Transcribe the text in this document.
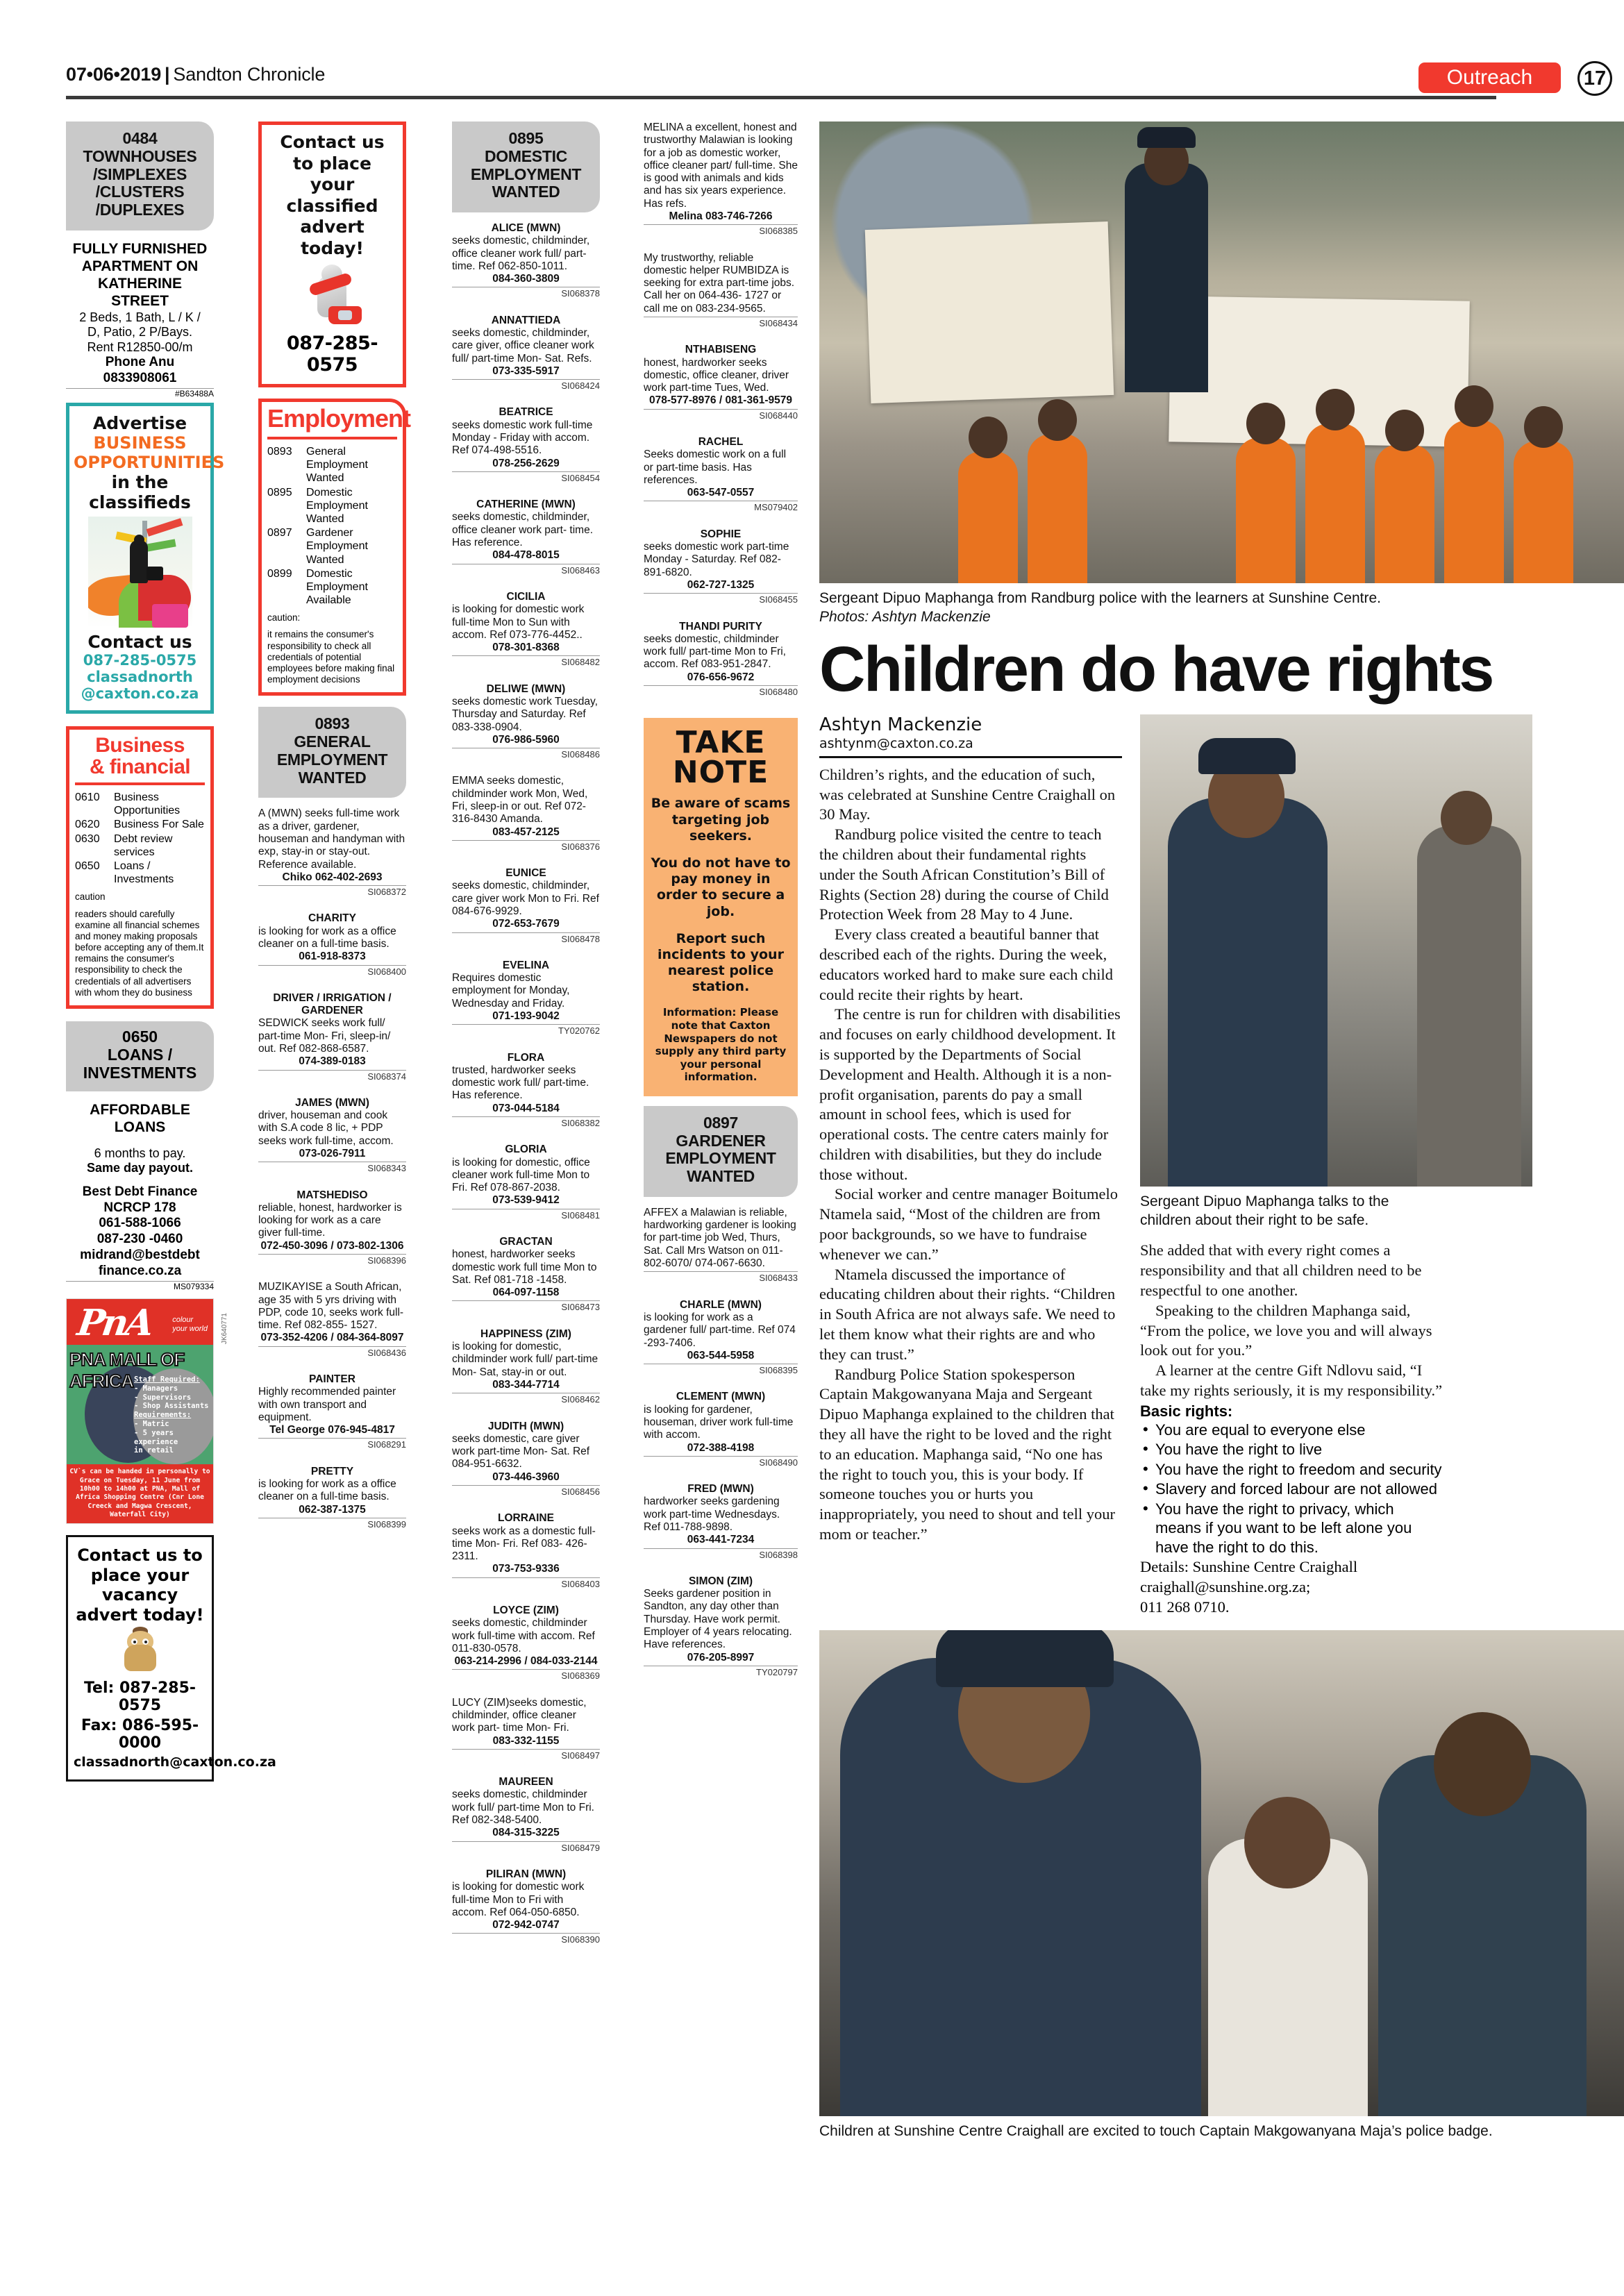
07•06•2019 | Sandton Chronicle	Outreach	17
0484
TOWNHOUSES
/SIMPLEXES
/CLUSTERS
/DUPLEXES
FULLY FURNISHED
APARTMENT ON
KATHERINE
STREET
2 Beds, 1 Bath, L / K /
D, Patio, 2 P/Bays.
Rent R12850-00/m
Phone Anu
0833908061
#B63488A
Advertise
BUSINESS
OPPORTUNITIES
in the
classifieds
Contact us
087-285-0575
classadnorth
@caxton.co.za
Business
& financial
0610	Business Opportunities
0620	Business For Sale
0630	Debt review services
0650	Loans / Investments
caution
readers should carefully examine all financial schemes and money making proposals before accepting any of them.It remains the consumer's responsibility to check the credentials of all advertisers with whom they do business
0650
LOANS /
INVESTMENTS
AFFORDABLE
LOANS
6 months to pay.
Same day payout.
Best Debt Finance
NCRCP 178
061-588-1066
087-230 -0460
midrand@bestdebt
finance.co.za
MS079334
JK640771
PnA colour
your world
PNA MALL OF AFRICA Staff Required:
- Managers
- Supervisors
- Shop Assistants
Requirements:
- Matric
- 5 years experience
in retail
CV`s can be handed in personally to Grace on Tuesday, 11 June from 10h00 to 14h00 at PNA, Mall of Africa Shopping Centre (Cnr Lone Creeck and Magwa Crescent, Waterfall City)
Contact us to place your
vacancy advert today!
Tel: 087-285-0575
Fax: 086-595-0000
classadnorth@caxton.co.za
Contact us to place
your classified
advert today!
087-285-0575
Employment
0893	General Employment Wanted
0895	Domestic Employment Wanted
0897	Gardener Employment Wanted
0899	Domestic Employment Available
caution:
it remains the consumer's responsibility to check all credentials of potential employees before making final employment decisions
0893
GENERAL
EMPLOYMENT
WANTED
A (MWN) seeks full-time work as a driver, gardener, houseman and handyman with exp, stay-in or stay-out. Reference available.
Chiko 062-402-2693
SI068372
CHARITY
is looking for work as a office cleaner on a full-time basis.
061-918-8373
SI068400
DRIVER / IRRIGATION / GARDENER
SEDWICK seeks work full/ part-time Mon- Fri, sleep-in/ out. Ref 082-868-6587.
074-389-0183
SI068374
JAMES (MWN)
driver, houseman and cook with S.A code 8 lic, + PDP seeks work full-time, accom.
073-026-7911
SI068343
MATSHEDISO
reliable, honest, hardworker is looking for work as a care giver full-time.
072-450-3096 / 073-802-1306
SI068396
MUZIKAYISE a South African, age 35 with 5 yrs driving with PDP, code 10, seeks work full-time. Ref 082-855- 1527.
073-352-4206 / 084-364-8097
SI068436
PAINTER
Highly recommended painter with own transport and equipment.
Tel George 076-945-4817
SI068291
PRETTY
is looking for work as a office cleaner on a full-time basis.
062-387-1375
SI068399
0895
DOMESTIC
EMPLOYMENT
WANTED
ALICE (MWN)
seeks domestic, childminder, office cleaner work full/ part-time. Ref 062-850-1011.
084-360-3809
SI068378
ANNATTIEDA
seeks domestic, childminder, care giver, office cleaner work full/ part-time Mon- Sat. Refs.
073-335-5917
SI068424
BEATRICE
seeks domestic work full-time Monday - Friday with accom. Ref 074-498-5516.
078-256-2629
SI068454
CATHERINE (MWN)
seeks domestic, childminder, office cleaner work part- time. Has reference.
084-478-8015
SI068463
CICILIA
is looking for domestic work full-time Mon to Sun with accom. Ref 073-776-4452..
078-301-8368
SI068482
DELIWE (MWN)
seeks domestic work Tuesday, Thursday and Saturday. Ref 083-338-0904.
076-986-5960
SI068486
EMMA seeks domestic, childminder work Mon, Wed, Fri, sleep-in or out. Ref 072-316-8430 Amanda.
083-457-2125
SI068376
EUNICE
seeks domestic, childminder, care giver work Mon to Fri. Ref 084-676-9929.
072-653-7679
SI068478
EVELINA
Requires domestic employment for Monday, Wednesday and Friday.
071-193-9042
TY020762
FLORA
trusted, hardworker seeks domestic work full/ part-time. Has reference.
073-044-5184
SI068382
GLORIA
is looking for domestic, office cleaner work full-time Mon to Fri. Ref 078-867-2038.
073-539-9412
SI068481
GRACTAN
honest, hardworker seeks domestic work full time Mon to Sat. Ref 081-718 -1458.
064-097-1158
SI068473
HAPPINESS (ZIM)
is looking for domestic, childminder work full/ part-time Mon- Sat, stay-in or out.
083-344-7714
SI068462
JUDITH (MWN)
seeks domestic, care giver work part-time Mon- Sat. Ref 084-951-6632.
073-446-3960
SI068456
LORRAINE
seeks work as a domestic full-time Mon- Fri. Ref 083- 426-2311.
073-753-9336
SI068403
LOYCE (ZIM)
seeks domestic, childminder work full-time with accom. Ref 011-830-0578.
063-214-2996 / 084-033-2144
SI068369
LUCY (ZIM)seeks domestic, childminder, office cleaner work part- time Mon- Fri.
083-332-1155
SI068497
MAUREEN
seeks domestic, childminder work full/ part-time Mon to Fri. Ref 082-348-5400.
084-315-3225
SI068479
PILIRAN (MWN)
is looking for domestic work full-time Mon to Fri with accom. Ref 064-050-6850.
072-942-0747
SI068390
MELINA a excellent, honest and trustworthy Malawian is looking for a job as domestic worker, office cleaner part/ full-time. She is good with animals and kids and has six years experience. Has refs.
Melina 083-746-7266
SI068385
My trustworthy, reliable domestic helper RUMBIDZA is seeking for extra part-time jobs. Call her on 064-436- 1727 or call me on 083-234-9565.
SI068434
NTHABISENG
honest, hardworker seeks domestic, office cleaner, driver work part-time Tues, Wed.
078-577-8976 / 081-361-9579
SI068440
RACHEL
Seeks domestic work on a full or part-time basis. Has references.
063-547-0557
MS079402
SOPHIE
seeks domestic work part-time Monday - Saturday. Ref 082-891-6820.
062-727-1325
SI068455
THANDI PURITY
seeks domestic, childminder work full/ part-time Mon to Fri, accom. Ref 083-951-2847.
076-656-9672
SI068480
TAKE
NOTE
Be aware of scams targeting job seekers.
You do not have to pay money in order to secure a job.
Report such incidents to your nearest police station.
Information: Please note that Caxton Newspapers do not supply any third party your personal information.
0897
GARDENER
EMPLOYMENT
WANTED
AFFEX a Malawian is reliable, hardworking gardener is looking for part-time job Wed, Thurs, Sat. Call Mrs Watson on 011-802-6070/ 074-067-6630.
SI068433
CHARLE (MWN)
is looking for work as a gardener full/ part-time. Ref 074 -293-7406.
063-544-5958
SI068395
CLEMENT (MWN)
is looking for gardener, houseman, driver work full-time with accom.
072-388-4198
SI068490
FRED (MWN)
hardworker seeks gardening work part-time Wednesdays. Ref 011-788-9898.
063-441-7234
SI068398
SIMON (ZIM)
Seeks gardener position in Sandton, any day other than Thursday. Have work permit. Employer of 4 years relocating. Have references.
076-205-8997
TY020797
Sergeant Dipuo Maphanga from Randburg police with the learners at Sunshine Centre.
Photos: Ashtyn Mackenzie
Children do have rights
Ashtyn Mackenzie
ashtynm@caxton.co.za

Children’s rights, and the education of such, was celebrated at Sunshine Centre Craighall on 30 May.

Randburg police visited the centre to teach the children about their fundamental rights under the South African Constitution’s Bill of Rights (Section 28) during the course of Child Protection Week from 28 May to 4 June.

Every class created a beautiful banner that described each of the rights. During the week, educators worked hard to make sure each child could recite their rights by heart.

The centre is run for children with disabilities and focuses on early childhood development. It is supported by the Departments of Social Development and Health. Although it is a non-profit organisation, parents do pay a small amount in school fees, which is used for operational costs. The centre caters mainly for children with disabilities, but they do include those without.

Social worker and centre manager Boitumelo Ntamela said, “Most of the children are from poor backgrounds, so we have to fundraise whenever we can.”

Ntamela discussed the importance of educating children about their rights. “Children in South Africa are not always safe. We need to let them know what their rights are and who they can trust.”

Randburg Police Station spokesperson Captain Makgowanyana Maja and Sergeant Dipuo Maphanga explained to the children that they all have the right to be loved and the right to an education. Maphanga said, “No one has the right to touch you, this is your body. If someone touches you or hurts you inappropriately, you need to shout and tell your mom or teacher.”

Sergeant Dipuo Maphanga talks to the children about their right to be safe.

She added that with every right comes a responsibility and that all children need to be respectful to one another.

Speaking to the children Maphanga said, “From the police, we love you and will always look out for you.”

A learner at the centre Gift Ndlovu said, “I take my rights seriously, it is my responsibility.”

Basic rights:
• You are equal to everyone else
• You have the right to live
• You have the right to freedom and security
• Slavery and forced labour are not allowed
• You have the right to privacy, which means if you want to be left alone you have the right to do this.
Details: Sunshine Centre Craighall
craighall@sunshine.org.za;
011 268 0710.
Children at Sunshine Centre Craighall are excited to touch Captain Makgowanyana Maja’s police badge.
